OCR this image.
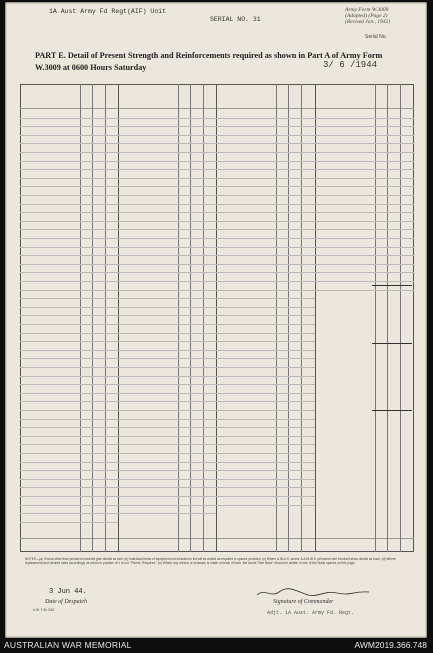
1A Aust Army Fd Regt(AIF) Unit
SERIAL NO. 31
Army Form W.3009
(Adapted) (Page 2)
(Revised Jan., 1942)
Serial No.
PART E. Detail of Present Strength and Reinforcements required as shown in Part A of Army Form W.3009 at 0600 Hours Saturday	3/ 6 /1944
NOTES—(a) If book other than printed is involved give details as well. (b) Individual items of equipment not included in list will be added as required in spaces provided. (c) Where A.W.A.S. and/or A.A.M.W.S. personnel are involved show details as such. (d) Where replacement and desired rates accordingly as return to position of 1 in col. "Reinfs. Required." (e) Where any returns or inclusion is made on back of form, the words "See Back" should be written in one of the blank spaces on this page.
3 Jun 44.
Date of Despatch
A.W. 3 Sh 3/42
Signature of Commander
Adjt. 1A Aust. Army Fd. Regt.
AUSTRALIAN WAR MEMORIAL	AWM2019.366.748
